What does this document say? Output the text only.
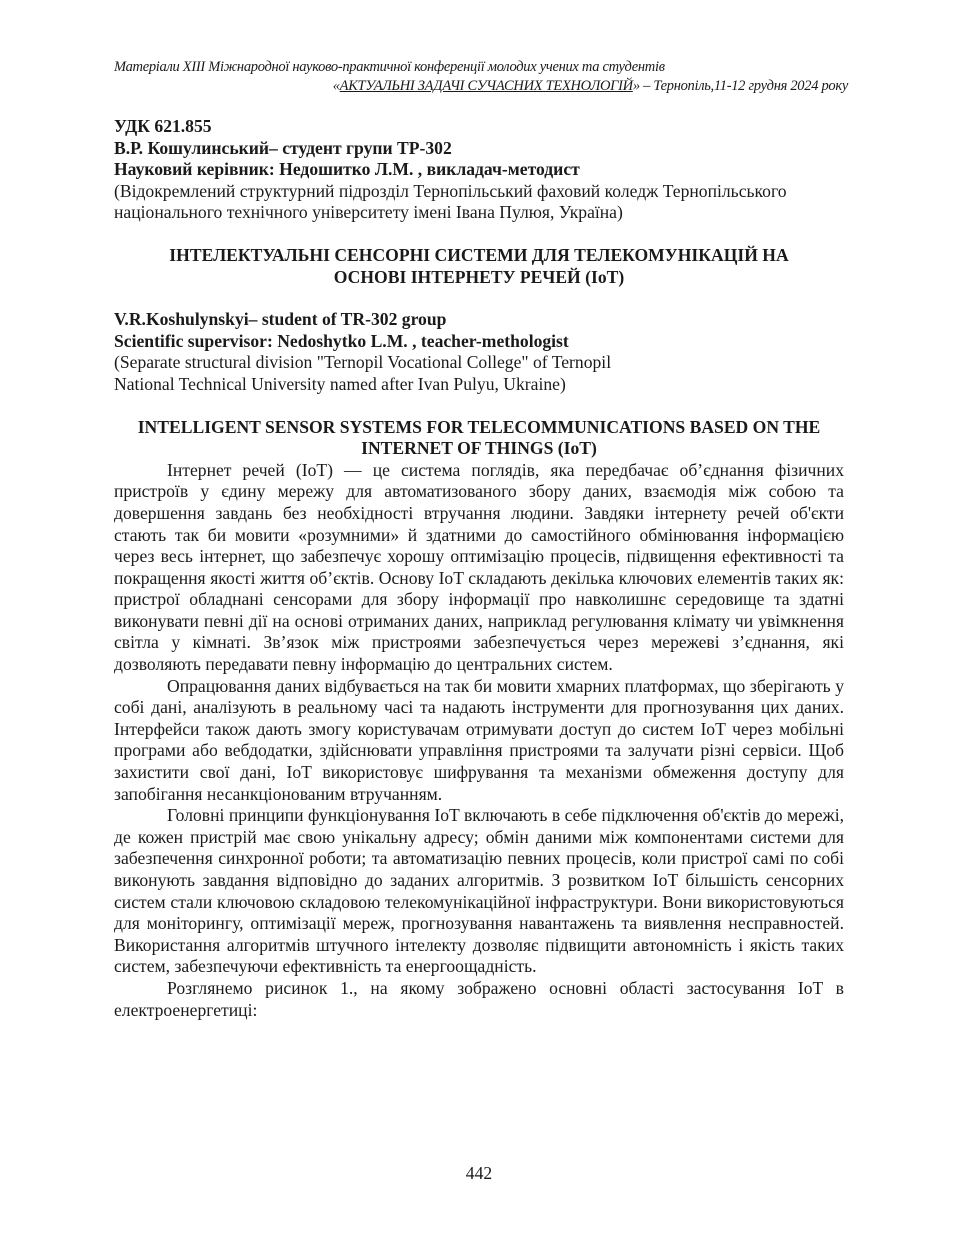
Матеріали XIII Міжнародної науково-практичної конференції молодих учених та студентів
«АКТУАЛЬНІ ЗАДАЧІ СУЧАСНИХ ТЕХНОЛОГІЙ» – Тернопіль,11-12 грудня 2024 року
УДК 621.855
В.Р. Кошулинський– студент групи ТР-302
Науковий керівник: Недошитко Л.М. , викладач-методист
(Відокремлений структурний підрозділ Тернопільський фаховий коледж Тернопільського національного технічного університету імені Івана Пулюя, Україна)
ІНТЕЛЕКТУАЛЬНІ СЕНСОРНІ СИСТЕМИ ДЛЯ ТЕЛЕКОМУНІКАЦІЙ НА
ОСНОВІ ІНТЕРНЕТУ РЕЧЕЙ (IoT)
V.R.Koshulynskyi– student of TR-302 group
Scientific supervisor: Nedoshytko L.M. , teacher-methologist
(Separate structural division "Ternopil Vocational College" of Ternopil
National Technical University named after Ivan Pulyu, Ukraine)
INTELLIGENT SENSOR SYSTEMS FOR TELECOMMUNICATIONS BASED ON THE
INTERNET OF THINGS (IoT)

Інтернет речей (IoT) — це система поглядів, яка передбачає об’єднання фізичних пристроїв у єдину мережу для автоматизованого збору даних, взаємодія між собою та довершення завдань без необхідності втручання людини. Завдяки інтернету речей об'єкти стають так би мовити «розумними» й здатними до самостійного обмінювання інформацією через весь інтернет, що забезпечує хорошу оптимізацію процесів, підвищення ефективності та покращення якості життя об’єктів. Основу IoT складають декілька ключових елементів таких як: пристрої обладнані сенсорами для збору інформації про навколишнє середовище та здатні виконувати певні дії на основі отриманих даних, наприклад регулювання клімату чи увімкнення світла у кімнаті. Зв’язок між пристроями забезпечується через мережеві з’єднання, які дозволяють передавати певну інформацію до центральних систем.

Опрацювання даних відбувається на так би мовити хмарних платформах, що зберігають у собі дані, аналізують в реальному часі та надають інструменти для прогнозування цих даних. Інтерфейси також дають змогу користувачам отримувати доступ до систем IoT через мобільні програми або вебдодатки, здійснювати управління пристроями та залучати різні сервіси. Щоб захистити свої дані, IoT використовує шифрування та механізми обмеження доступу для запобігання несанкціонованим втручанням.

Головні принципи функціонування IoT включають в себе підключення об'єктів до мережі, де кожен пристрій має свою унікальну адресу; обмін даними між компонентами системи для забезпечення синхронної роботи; та автоматизацію певних процесів, коли пристрої самі по собі виконують завдання відповідно до заданих алгоритмів. З розвитком IoT більшість сенсорних систем стали ключовою складовою телекомунікаційної інфраструктури. Вони використовуються для моніторингу, оптимізації мереж, прогнозування навантажень та виявлення несправностей. Використання алгоритмів штучного інтелекту дозволяє підвищити автономність і якість таких систем, забезпечуючи ефективність та енергоощадність.

Розглянемо рисинок 1., на якому зображено основні області застосування IoT в електроенергетиці:

442
